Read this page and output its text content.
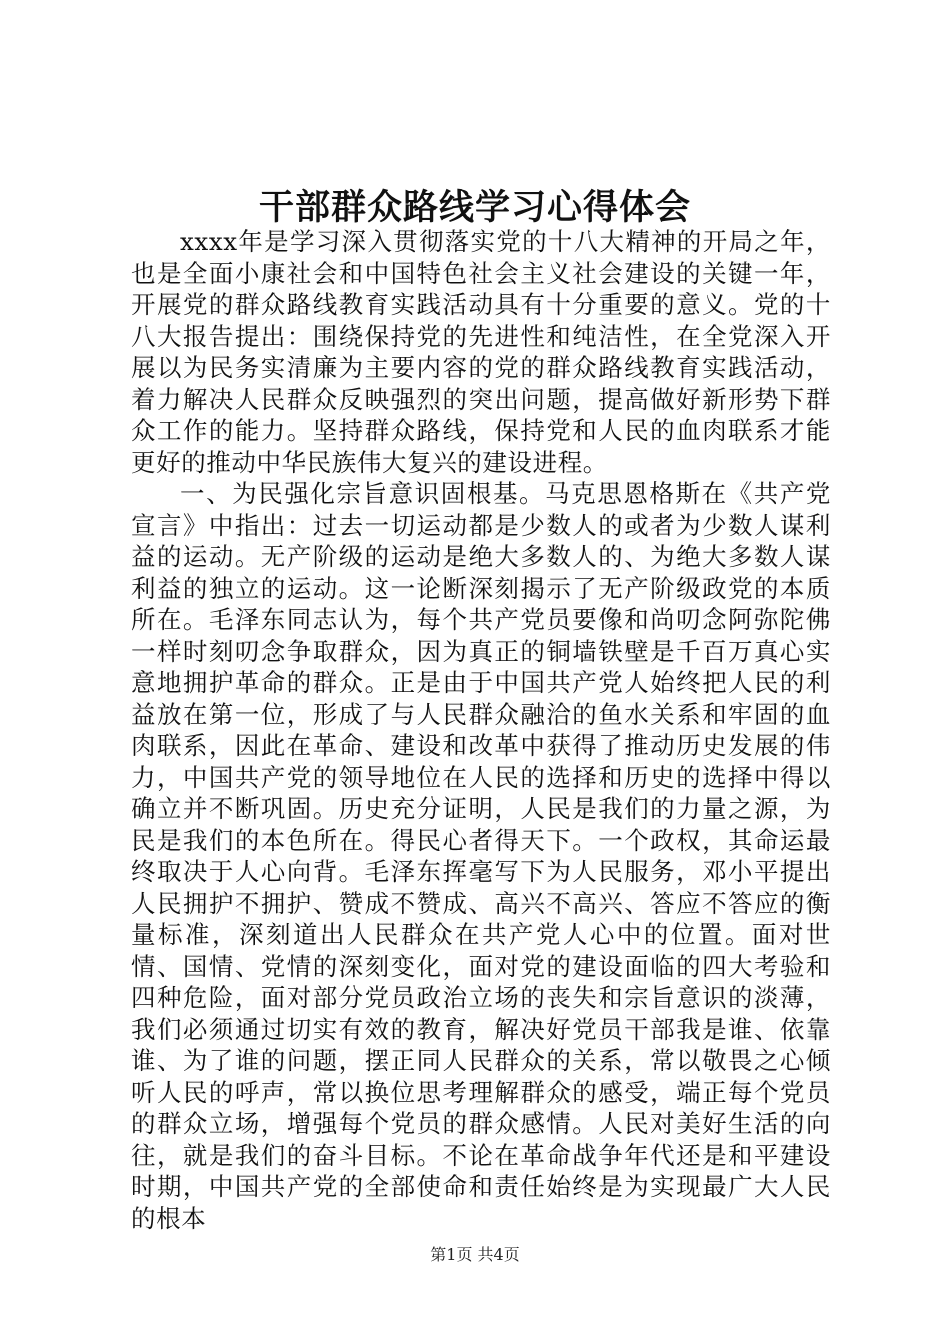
干部群众路线学习心得体会

xxxx年是学习深入贯彻落实党的十八大精神的开局之年，也是全面小康社会和中国特色社会主义社会建设的关键一年，开展党的群众路线教育实践活动具有十分重要的意义。党的十八大报告提出：围绕保持党的先进性和纯洁性，在全党深入开展以为民务实清廉为主要内容的党的群众路线教育实践活动，着力解决人民群众反映强烈的突出问题，提高做好新形势下群众工作的能力。坚持群众路线，保持党和人民的血肉联系才能更好的推动中华民族伟大复兴的建设进程。

一、为民强化宗旨意识固根基。马克思恩格斯在《共产党宣言》中指出：过去一切运动都是少数人的或者为少数人谋利益的运动。无产阶级的运动是绝大多数人的、为绝大多数人谋利益的独立的运动。这一论断深刻揭示了无产阶级政党的本质所在。毛泽东同志认为，每个共产党员要像和尚叨念阿弥陀佛一样时刻叨念争取群众，因为真正的铜墙铁壁是千百万真心实意地拥护革命的群众。正是由于中国共产党人始终把人民的利益放在第一位，形成了与人民群众融洽的鱼水关系和牢固的血肉联系，因此在革命、建设和改革中获得了推动历史发展的伟力，中国共产党的领导地位在人民的选择和历史的选择中得以确立并不断巩固。历史充分证明，人民是我们的力量之源，为民是我们的本色所在。得民心者得天下。一个政权，其命运最终取决于人心向背。毛泽东挥毫写下为人民服务，邓小平提出人民拥护不拥护、赞成不赞成、高兴不高兴、答应不答应的衡量标准，深刻道出人民群众在共产党人心中的位置。面对世情、国情、党情的深刻变化，面对党的建设面临的四大考验和四种危险，面对部分党员政治立场的丧失和宗旨意识的淡薄，我们必须通过切实有效的教育，解决好党员干部我是谁、依靠谁、为了谁的问题，摆正同人民群众的关系，常以敬畏之心倾听人民的呼声，常以换位思考理解群众的感受，端正每个党员的群众立场，增强每个党员的群众感情。人民对美好生活的向往，就是我们的奋斗目标。不论在革命战争年代还是和平建设时期，中国共产党的全部使命和责任始终是为实现最广大人民的根本

第1页 共4页
